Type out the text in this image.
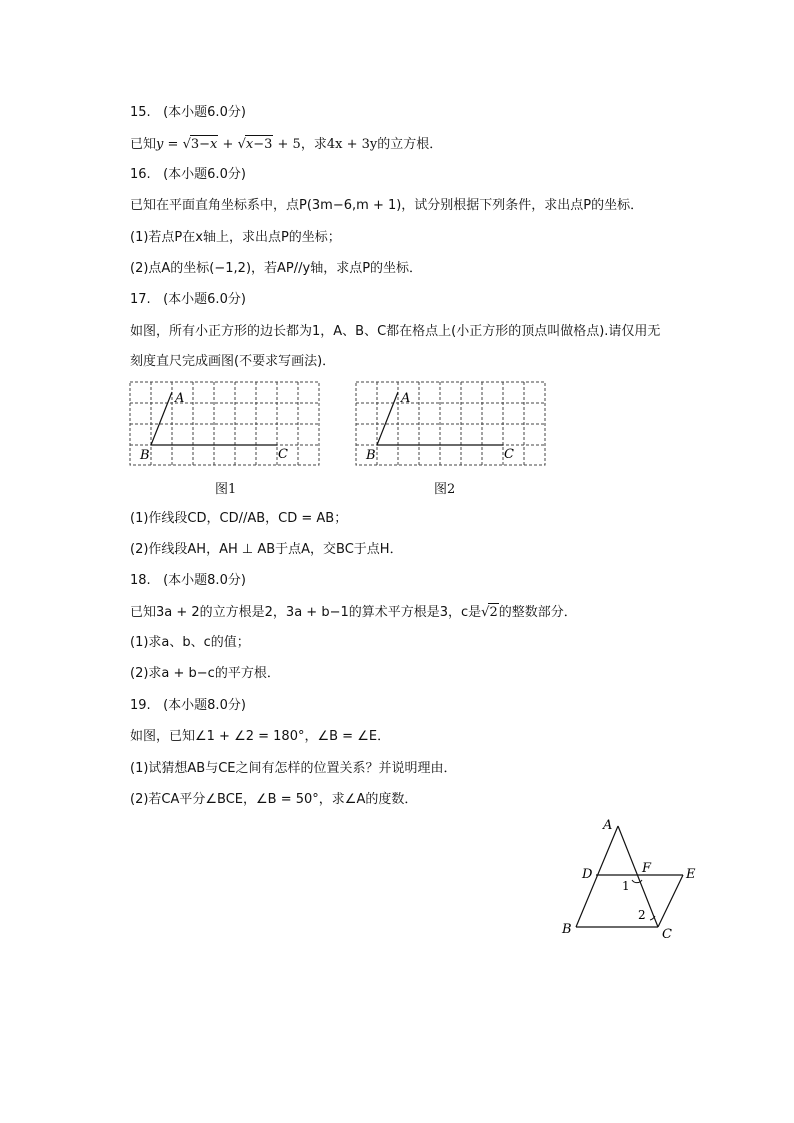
15. (本小题6.0分)
已知y = √3−x + √x−3 + 5，求4x + 3y的立方根．
16. (本小题6.0分)
已知在平面直角坐标系中，点P(3m−6,m + 1)，试分别根据下列条件，求出点P的坐标．
(1)若点P在x轴上，求出点P的坐标；
(2)点A的坐标(−1,2)，若AP//y轴，求点P的坐标．
17. (本小题6.0分)
如图，所有小正方形的边长都为1，A、B、C都在格点上(小正方形的顶点叫做格点).请仅用无
刻度直尺完成画图(不要求写画法)．
A
B	C
图1
A
B	C
图2
(1)作线段CD，CD//AB，CD = AB；
(2)作线段AH，AH ⊥ AB于点A，交BC于点H．
18. (本小题8.0分)
已知3a + 2的立方根是2，3a + b−1的算术平方根是3，c是√2的整数部分．
(1)求a、b、c的值；
(2)求a + b−c的平方根．
19. (本小题8.0分)
如图，已知∠1 + ∠2 = 180°，∠B = ∠E．
(1)试猜想AB与CE之间有怎样的位置关系？并说明理由．
(2)若CA平分∠BCE，∠B = 50°，求∠A的度数．
A
D	F	E
1
2
B	C
